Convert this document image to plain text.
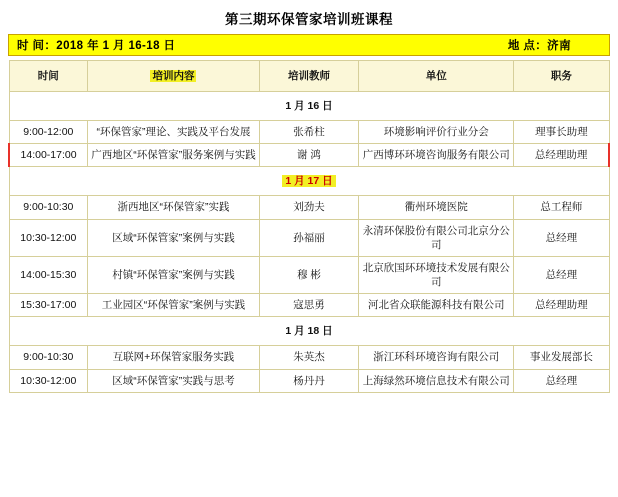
第三期环保管家培训班课程
时 间：2018 年 1 月 16-18 日	地 点：济南
时间	培训内容	培训教师	单位	职务
1 月 16 日				
9:00-12:00	“环保管家”理论、实践及平台发展	张希柱	环境影响评价行业分会	理事长助理
14:00-17:00	广西地区“环保管家”服务案例与实践	谢 鸿	广西博环环境咨询服务有限公司	总经理助理
1 月 17 日				
9:00-10:30	浙西地区“环保管家”实践	刘劲夫	衢州环境医院	总工程师
10:30-12:00	区域“环保管家”案例与实践	孙福丽	永清环保股份有限公司北京分公司	总经理
14:00-15:30	村镇“环保管家”案例与实践	穆 彬	北京欣国环环境技术发展有限公司	总经理
15:30-17:00	工业园区“环保管家”案例与实践	寇思勇	河北省众联能源科技有限公司	总经理助理
1 月 18 日				
9:00-10:30	互联网+环保管家服务实践	朱英杰	浙江环科环境咨询有限公司	事业发展部长
10:30-12:00	区域“环保管家”实践与思考	杨丹丹	上海绿然环境信息技术有限公司	总经理
